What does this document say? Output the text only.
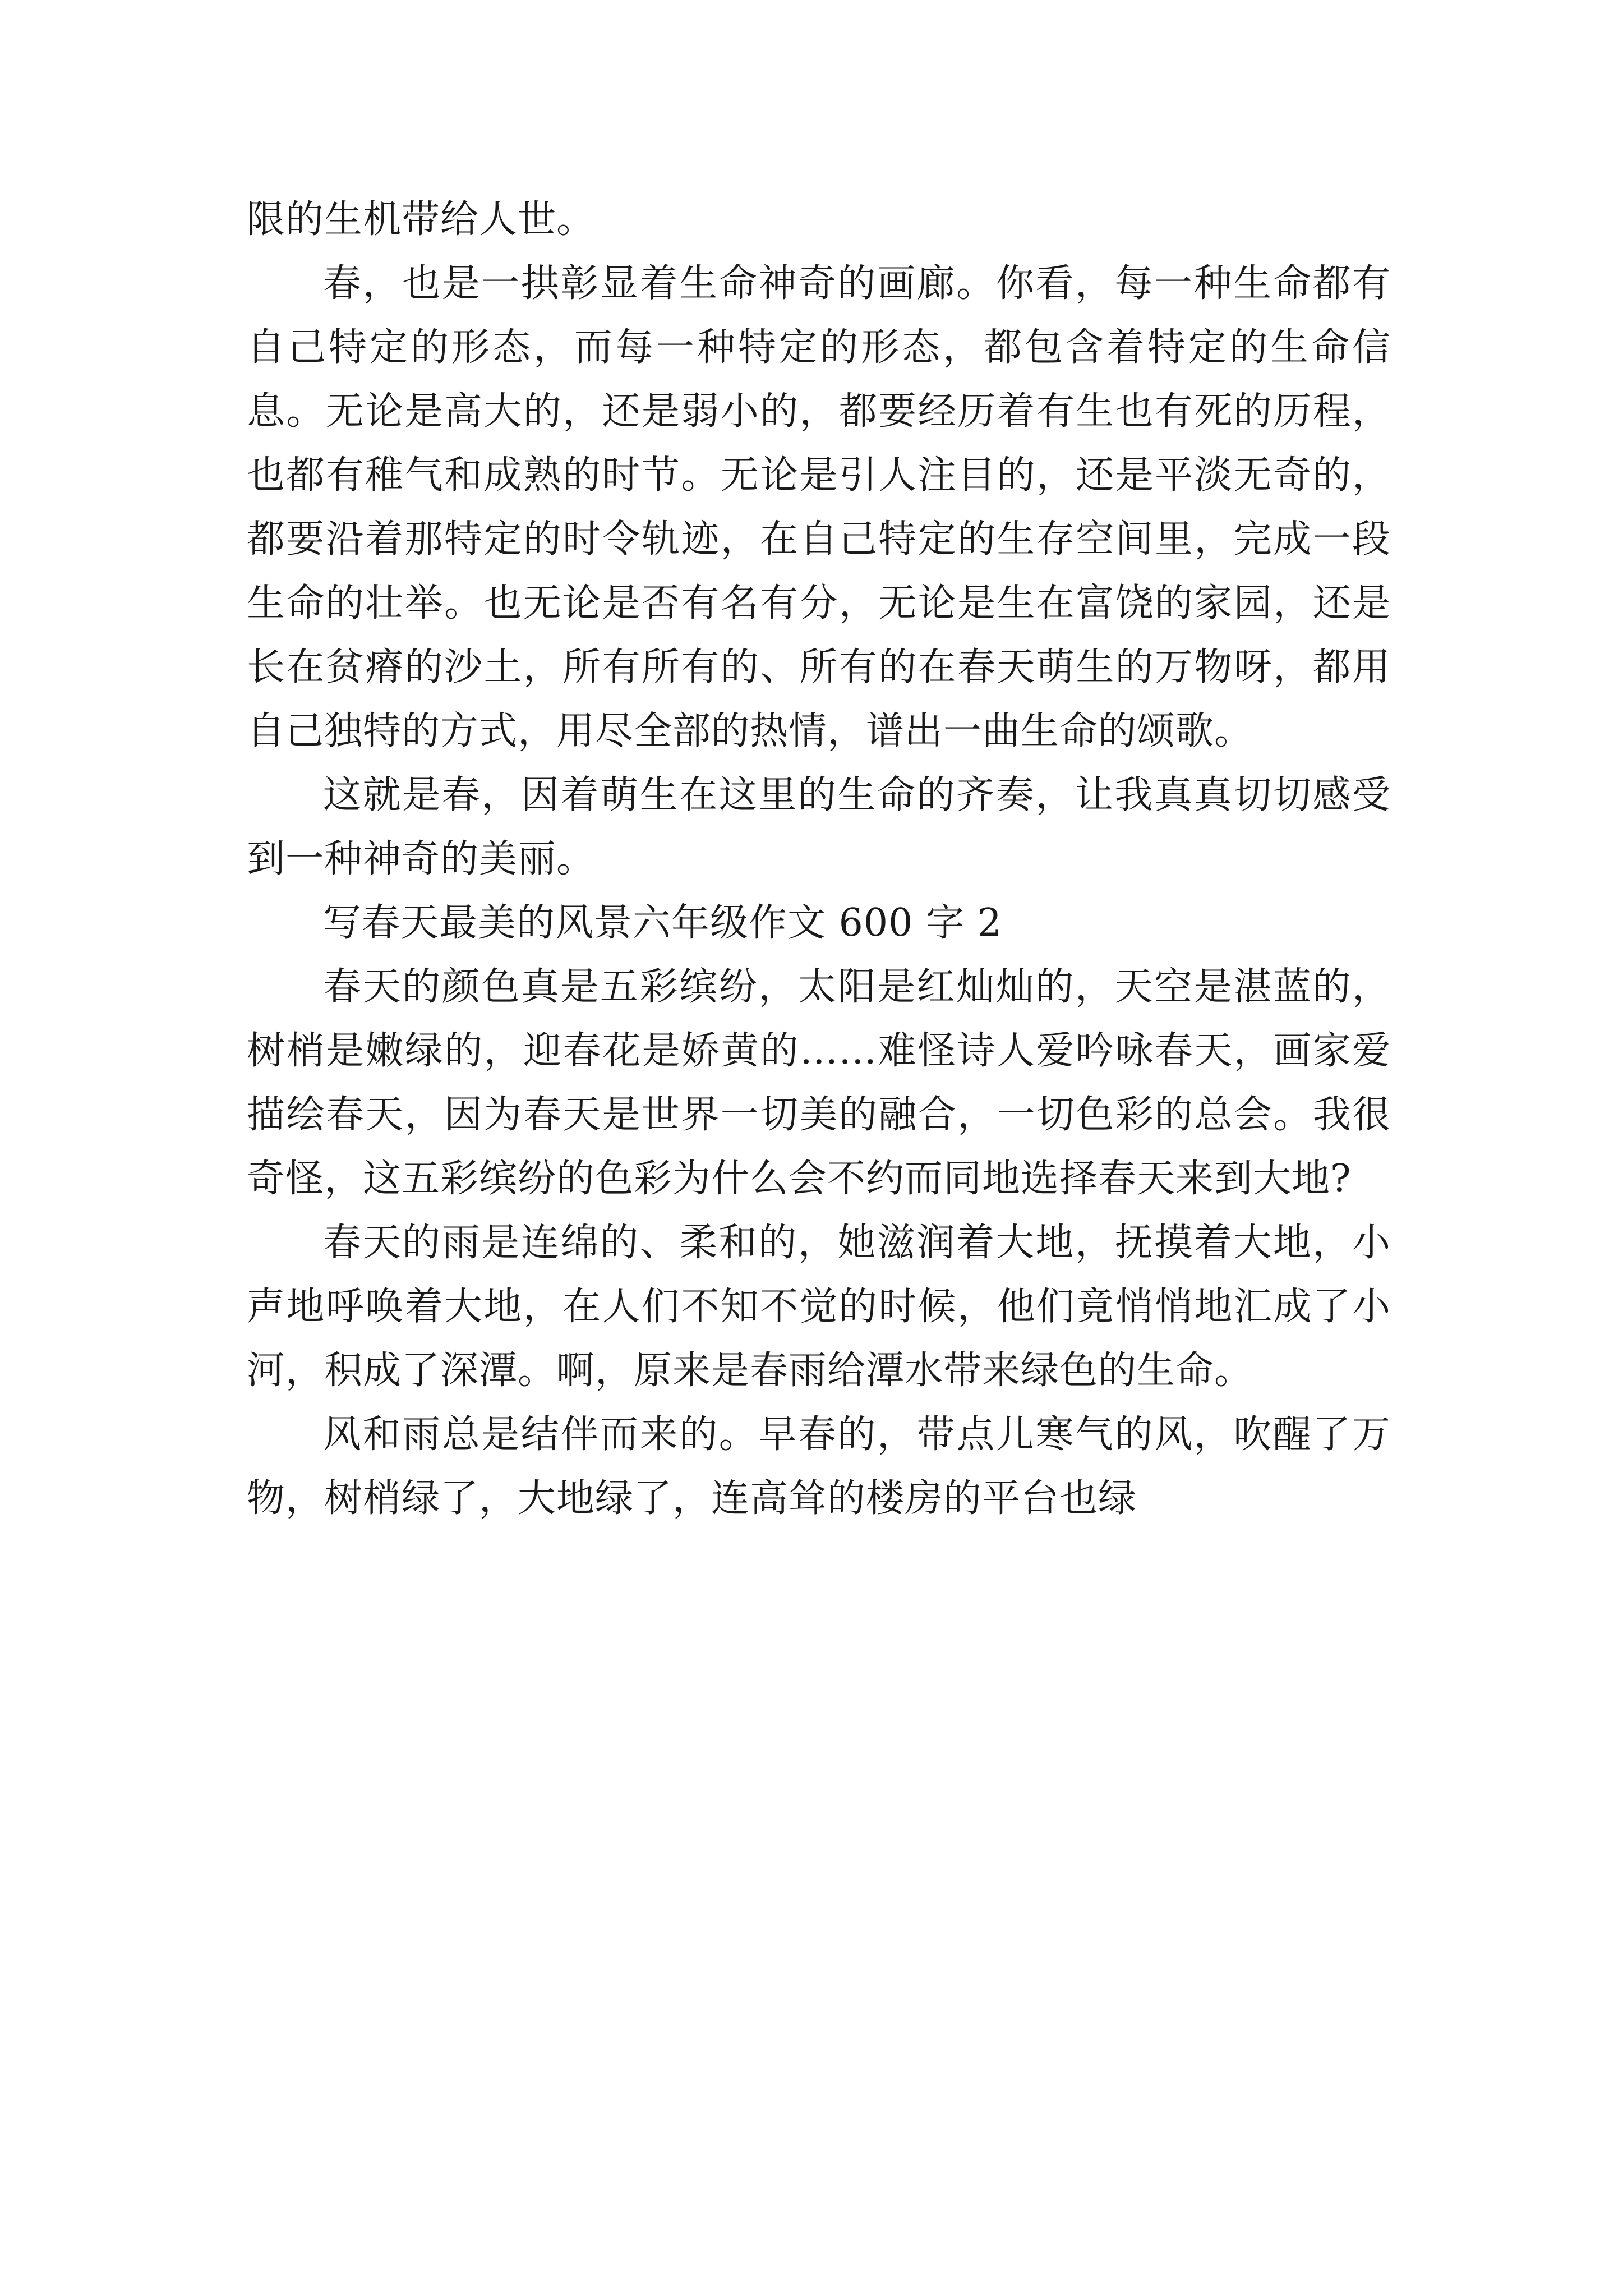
限的生机带给人世。

春，也是一拱彰显着生命神奇的画廊。你看，每一种生命都有自己特定的形态，而每一种特定的形态，都包含着特定的生命信息。无论是高大的，还是弱小的，都要经历着有生也有死的历程，也都有稚气和成熟的时节。无论是引人注目的，还是平淡无奇的，都要沿着那特定的时令轨迹，在自己特定的生存空间里，完成一段生命的壮举。也无论是否有名有分，无论是生在富饶的家园，还是长在贫瘠的沙土，所有所有的、所有的在春天萌生的万物呀，都用自己独特的方式，用尽全部的热情，谱出一曲生命的颂歌。

这就是春，因着萌生在这里的生命的齐奏，让我真真切切感受到一种神奇的美丽。

写春天最美的风景六年级作文 600 字 2

春天的颜色真是五彩缤纷，太阳是红灿灿的，天空是湛蓝的，树梢是嫩绿的，迎春花是娇黄的……难怪诗人爱吟咏春天，画家爱描绘春天，因为春天是世界一切美的融合，一切色彩的总会。我很奇怪，这五彩缤纷的色彩为什么会不约而同地选择春天来到大地?

春天的雨是连绵的、柔和的，她滋润着大地，抚摸着大地，小声地呼唤着大地，在人们不知不觉的时候，他们竟悄悄地汇成了小河，积成了深潭。啊，原来是春雨给潭水带来绿色的生命。

风和雨总是结伴而来的。早春的，带点儿寒气的风，吹醒了万物，树梢绿了，大地绿了，连高耸的楼房的平台也绿
